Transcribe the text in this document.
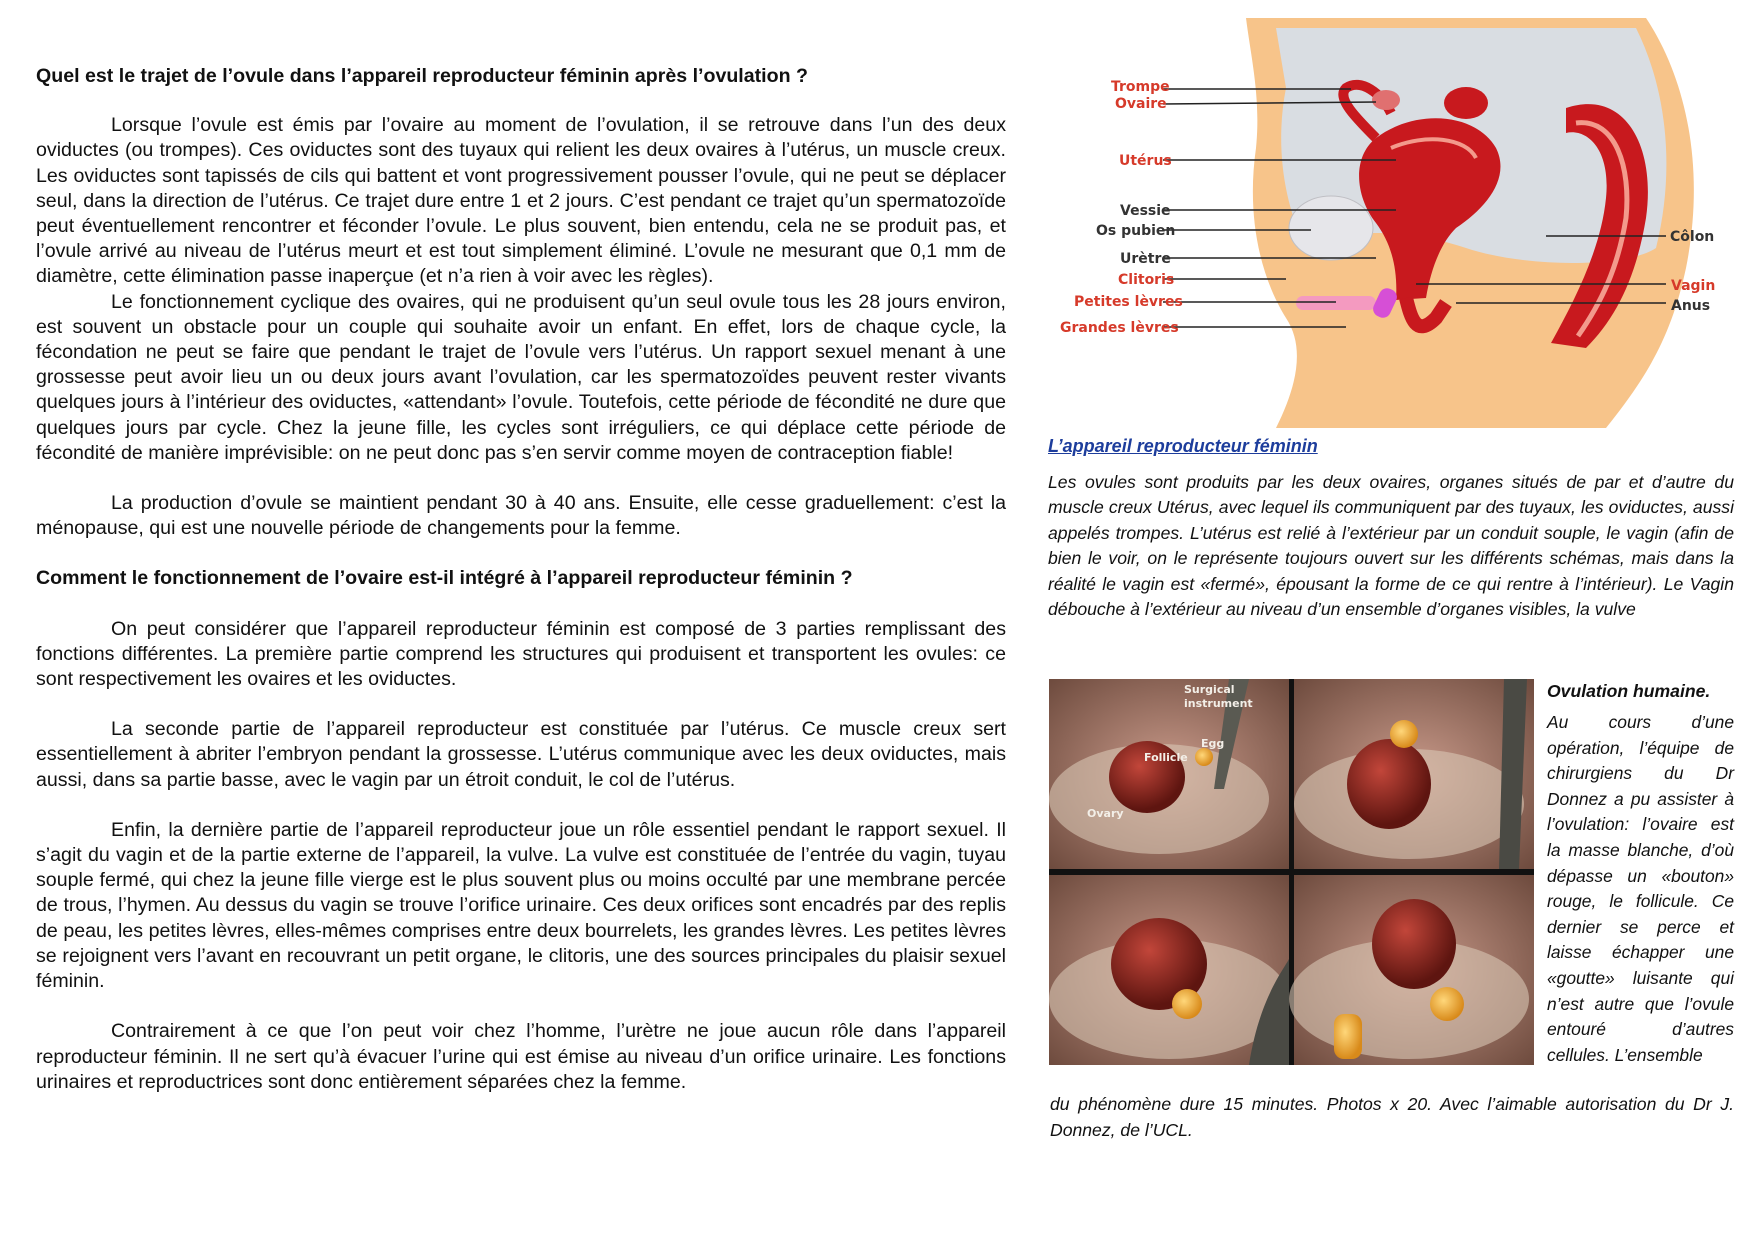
Quel est le trajet de l’ovule dans l’appareil reproducteur féminin après l’ovulation ?

Lorsque l’ovule est émis par l’ovaire au moment de l’ovulation, il se retrouve dans l’un des deux oviductes (ou trompes). Ces oviductes sont des tuyaux qui relient les deux ovaires à l’utérus, un muscle creux. Les oviductes sont tapissés de cils qui battent et vont progressivement pousser l’ovule, qui ne peut se déplacer seul, dans la direction de l’utérus. Ce trajet dure entre 1 et 2 jours. C’est pendant ce trajet qu’un spermatozoïde peut éventuellement rencontrer et féconder l’ovule. Le plus souvent, bien entendu, cela ne se produit pas, et l’ovule arrivé au niveau de l’utérus meurt et est tout simplement éliminé. L’ovule ne mesurant que 0,1 mm de diamètre, cette élimination passe inaperçue (et n’a rien à voir avec les règles).

Le fonctionnement cyclique des ovaires, qui ne produisent qu’un seul ovule tous les 28 jours environ, est souvent un obstacle pour un couple qui souhaite avoir un enfant. En effet, lors de chaque cycle, la fécondation ne peut se faire que pendant le trajet de l’ovule vers l’utérus. Un rapport sexuel menant à une grossesse peut avoir lieu un ou deux jours avant l’ovulation, car les spermatozoïdes peuvent rester vivants quelques jours à l’intérieur des oviductes, «attendant» l’ovule. Toutefois, cette période de fécondité ne dure que quelques jours par cycle. Chez la jeune fille, les cycles sont irréguliers, ce qui déplace cette période de fécondité de manière imprévisible: on ne peut donc pas s’en servir comme moyen de contraception fiable!

La production d’ovule se maintient pendant 30 à 40 ans. Ensuite, elle cesse graduellement: c’est la ménopause, qui est une nouvelle période de changements pour la femme.

Comment le fonctionnement de l’ovaire est-il intégré à l’appareil reproducteur féminin ?

On peut considérer que l’appareil reproducteur féminin est composé de 3 parties remplissant des fonctions différentes. La première partie comprend les structures qui produisent et transportent les ovules: ce sont respectivement les ovaires et les oviductes.

La seconde partie de l’appareil reproducteur est constituée par l’utérus. Ce muscle creux sert essentiellement à abriter l’embryon pendant la grossesse. L’utérus communique avec les deux oviductes, mais aussi, dans sa partie basse, avec le vagin par un étroit conduit, le col de l’utérus.

Enfin, la dernière partie de l’appareil reproducteur joue un rôle essentiel pendant le rapport sexuel. Il s’agit du vagin et de la partie externe de l’appareil, la vulve. La vulve est constituée de l’entrée du vagin, tuyau souple fermé, qui chez la jeune fille vierge est le plus souvent plus ou moins occulté par une membrane percée de trous, l’hymen. Au dessus du vagin se trouve l’orifice urinaire. Ces deux orifices sont encadrés par des replis de peau, les petites lèvres, elles-mêmes comprises entre deux bourrelets, les grandes lèvres. Les petites lèvres se rejoignent vers l’avant en recouvrant un petit organe, le clitoris, une des sources principales du plaisir sexuel féminin.

Contrairement à ce que l’on peut voir chez l’homme, l’urètre ne joue aucun rôle dans l’appareil reproducteur féminin. Il ne sert qu’à évacuer l’urine qui est émise au niveau d’un orifice urinaire. Les fonctions urinaires et reproductrices sont donc entièrement séparées chez la femme.

Trompe
Ovaire
Utérus
Vessie
Os pubien
Urètre
Clitoris
Petites lèvres
Grandes lèvres
Côlon
Vagin
Anus
L’appareil reproducteur féminin

Les ovules sont produits par les deux ovaires, organes situés de par et d’autre du muscle creux Utérus, avec lequel ils communiquent par des tuyaux, les oviductes, aussi appelés trompes. L’utérus est relié à l’extérieur par un conduit souple, le vagin (afin de bien le voir, on le représente toujours ouvert sur les différents schémas, mais dans la réalité le vagin est «fermé», épousant la forme de ce qui rentre à l’intérieur). Le Vagin débouche à l’extérieur au niveau d’un ensemble d’organes visibles, la vulve

Surgical
instrument
Egg
Follicle
Ovary
Ovulation humaine.

Au cours d’une opération, l’équipe de chirurgiens du Dr Donnez a pu assister à l’ovulation: l’ovaire est la masse blanche, d’où dépasse un «bouton» rouge, le follicule. Ce dernier se perce et laisse échapper une «goutte» luisante qui n’est autre que l’ovule entouré d’autres cellules. L’ensemble

du phénomène dure 15 minutes. Photos x 20. Avec l’aimable autorisation du Dr J. Donnez, de l’UCL.
